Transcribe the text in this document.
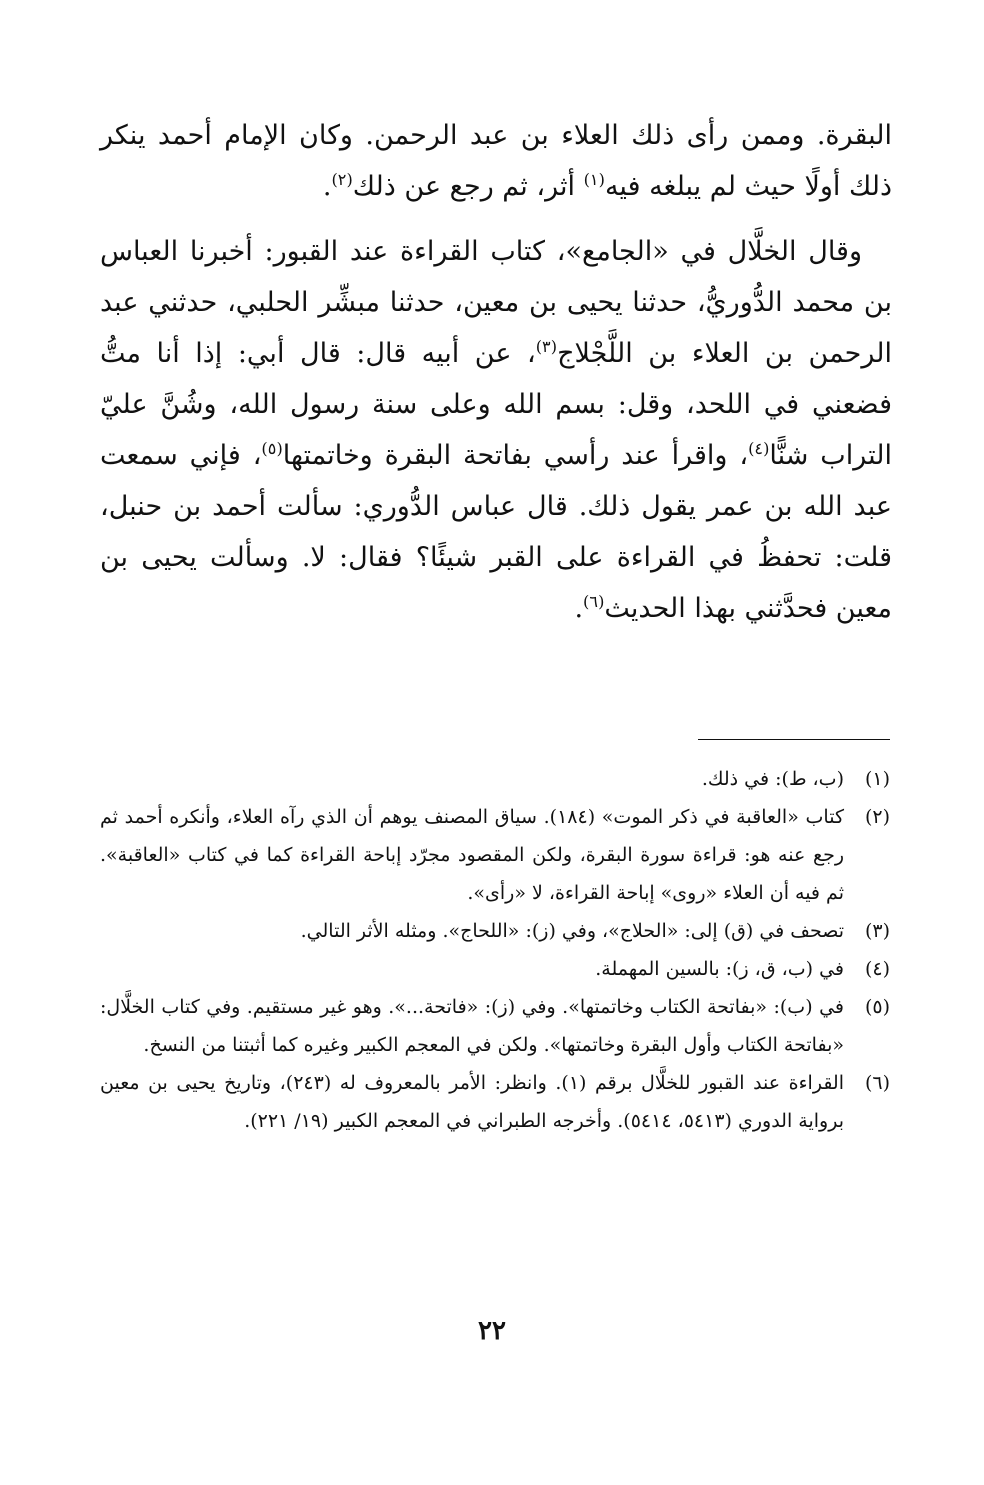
البقرة. وممن رأى ذلك العلاء بن عبد الرحمن. وكان الإمام أحمد ينكر ذلك أولًا حيث لم يبلغه فيه$^{(١)}$ أثر، ثم رجع عن ذلك$^{(٢)}$.

وقال الخلَّال في «الجامع»، كتاب القراءة عند القبور: أخبرنا العباس بن محمد الدُّوريُّ، حدثنا يحيى بن معين، حدثنا مبشِّر الحلبي، حدثني عبد الرحمن بن العلاء بن اللَّجْلاج$^{(٣)}$، عن أبيه قال: قال أبي: إذا أنا متُّ فضعني في اللحد، وقل: بسم الله وعلى سنة رسول الله، وشُنَّ عليّ التراب شنًّا$^{(٤)}$، واقرأ عند رأسي بفاتحة البقرة وخاتمتها$^{(٥)}$، فإني سمعت عبد الله بن عمر يقول ذلك. قال عباس الدُّوري: سألت أحمد بن حنبل، قلت: تحفظُ في القراءة على القبر شيئًا؟ فقال: لا. وسألت يحيى بن معين فحدَّثني بهذا الحديث$^{(٦)}$.

(١)
(ب، ط): في ذلك.
(٢)
كتاب «العاقبة في ذكر الموت» (١٨٤). سياق المصنف يوهم أن الذي رآه العلاء، وأنكره أحمد ثم رجع عنه هو: قراءة سورة البقرة، ولكن المقصود مجرّد إباحة القراءة كما في كتاب «العاقبة». ثم فيه أن العلاء «روى» إباحة القراءة، لا «رأى».
(٣)
تصحف في (ق) إلى: «الحلاج»، وفي (ز): «اللحاج». ومثله الأثر التالي.
(٤)
في (ب، ق، ز): بالسين المهملة.
(٥)
في (ب): «بفاتحة الكتاب وخاتمتها». وفي (ز): «فاتحة...». وهو غير مستقيم. وفي كتاب الخلَّال: «بفاتحة الكتاب وأول البقرة وخاتمتها». ولكن في المعجم الكبير وغيره كما أثبتنا من النسخ.
(٦)
القراءة عند القبور للخلَّال برقم (١). وانظر: الأمر بالمعروف له (٢٤٣)، وتاريخ يحيى بن معين برواية الدوري (٥٤١٣، ٥٤١٤). وأخرجه الطبراني في المعجم الكبير (١٩/ ٢٢١).
٢٢
